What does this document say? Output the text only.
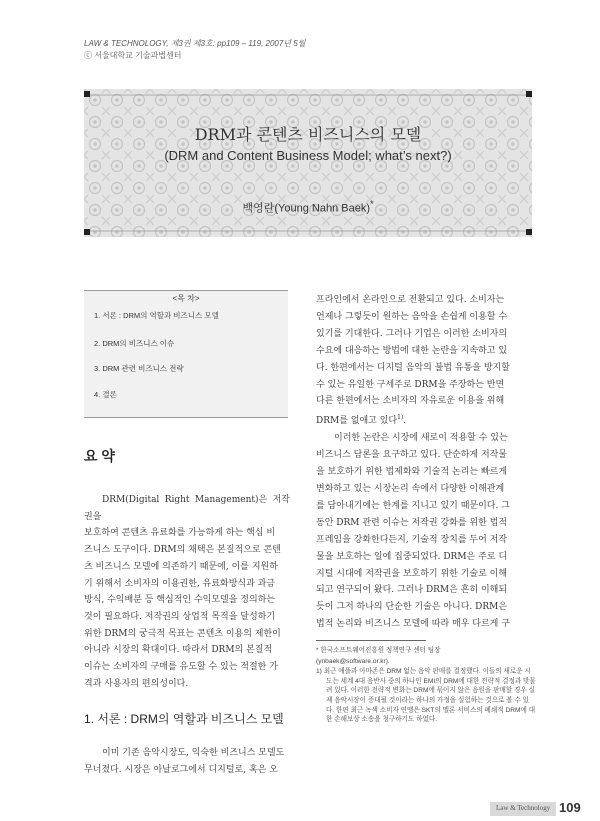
LAW & TECHNOLOGY, 제3권 제3호: pp109 – 119, 2007년 5월
ⓒ 서울대학교 기술과법센터
DRM과 콘텐츠 비즈니스의 모델
(DRM and Content Business Model; what’s next?)
백영란(Young Nahn Baek)*
<목 차>
1. 서론 : DRM의 역할과 비즈니스 모델
2. DRM의 비즈니스 이슈
3. DRM 관련 비즈니스 전략
4. 결론
요 약
DRM(Digital Right Management)은 저작권을
보호하여 콘텐츠 유료화를 가능하게 하는 핵심 비
즈니스 도구이다. DRM의 채택은 본질적으로 콘텐
츠 비즈니스 모델에 의존하기 때문에, 이를 지원하
기 위해서 소비자의 이용권한, 유료화방식과 과금
방식, 수익배분 등 핵심적인 수익모델을 정의하는
것이 필요하다. 저작권의 상업적 목적을 달성하기
위한 DRM의 궁극적 목표는 콘텐츠 이용의 제한이
아니라 시장의 확대이다. 따라서 DRM의 본질적
이슈는 소비자의 구매를 유도할 수 있는 적절한 가
격과 사용자의 편의성이다.
1. 서론 : DRM의 역할과 비즈니스 모델
이미 기존 음악시장도, 익숙한 비즈니스 모델도
무너졌다. 시장은 아날로그에서 디지털로, 혹은 오
프라인에서 온라인으로 전환되고 있다. 소비자는
언제나 그렇듯이 원하는 음악을 손쉽게 이용할 수
있기를 기대한다. 그러나 기업은 이러한 소비자의
수요에 대응하는 방법에 대한 논란을 지속하고 있
다. 한편에서는 디지털 음악의 불법 유통을 방지할
수 있는 유일한 구세주로 DRM을 주장하는 반면
다른 한편에서는 소비자의 자유로운 이용을 위해
DRM를 없애고 있다$^{1)}$.
이러한 논란은 시장에 새로이 적용할 수 있는
비즈니스 담론을 요구하고 있다. 단순하게 저작물
을 보호하기 위한 법제화와 기술적 논리는 빠르게
변화하고 있는 시장논리 속에서 다양한 이해관계
를 담아내기에는 한계를 지니고 있기 때문이다. 그
동안 DRM 관련 이슈는 저작권 강화를 위한 법적
프레임을 강화한다든지, 기술적 장치를 두어 저작
물을 보호하는 일에 집중되었다. DRM은 주로 디
지털 시대에 저작권을 보호하기 위한 기술로 이해
되고 연구되어 왔다. 그러나 DRM은 흔히 이해되
듯이 그저 하나의 단순한 기술은 아니다. DRM은
법적 논리와 비즈니스 모델에 따라 매우 다르게 구
* 한국소프트웨어진흥원 정책연구 센터 팀장
(ynbaek@software.or.kr).
1) 최근 애플과 아마존은 DRM 없는 음악 판매를 결정했다. 이들의 새로운 시도는 세계 4대 음반사 중의 하나인 EMI의 DRM에 대한 전략적 결정과 맞물려 있다. 이러한 전략적 변화는 DRM에 묶이지 않은 음원을 판매할 경우 실제 음악시장이 증대될 것이라는 하나의 가정을 실험하는 것으로 볼 수 있다. 한편 최근 녹색 소비자 연맹은 SKT의 멜론 서비스의 폐쇄적 DRM에 대한 손해보상 소송을 청구하기도 하였다.
Law & Technology 109
